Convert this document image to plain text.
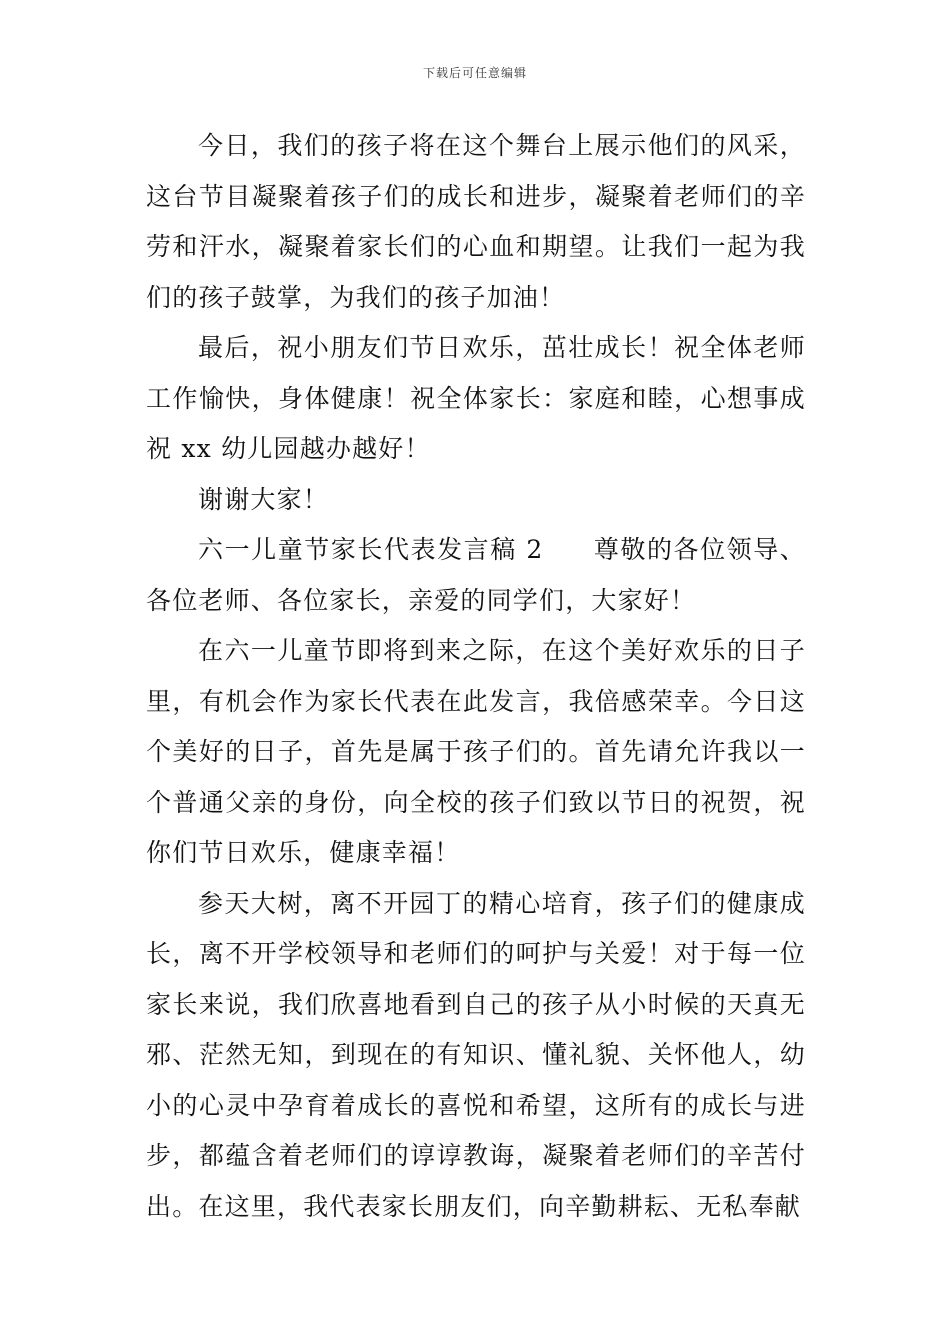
下载后可任意编辑

今日，我们的孩子将在这个舞台上展示他们的风采，这台节目凝聚着孩子们的成长和进步，凝聚着老师们的辛劳和汗水，凝聚着家长们的心血和期望。让我们一起为我们的孩子鼓掌，为我们的孩子加油！

最后，祝小朋友们节日欢乐，茁壮成长！祝全体老师工作愉快，身体健康！祝全体家长：家庭和睦，心想事成祝 xx 幼儿园越办越好！

谢谢大家！

六一儿童节家长代表发言稿 2 尊敬的各位领导、各位老师、各位家长，亲爱的同学们，大家好！

在六一儿童节即将到来之际，在这个美好欢乐的日子里，有机会作为家长代表在此发言，我倍感荣幸。今日这个美好的日子，首先是属于孩子们的。首先请允许我以一个普通父亲的身份，向全校的孩子们致以节日的祝贺，祝你们节日欢乐，健康幸福！

参天大树，离不开园丁的精心培育，孩子们的健康成长，离不开学校领导和老师们的呵护与关爱！对于每一位家长来说，我们欣喜地看到自己的孩子从小时候的天真无邪、茫然无知，到现在的有知识、懂礼貌、关怀他人，幼小的心灵中孕育着成长的喜悦和希望，这所有的成长与进步，都蕴含着老师们的谆谆教诲，凝聚着老师们的辛苦付出。在这里，我代表家长朋友们，向辛勤耕耘、无私奉献
